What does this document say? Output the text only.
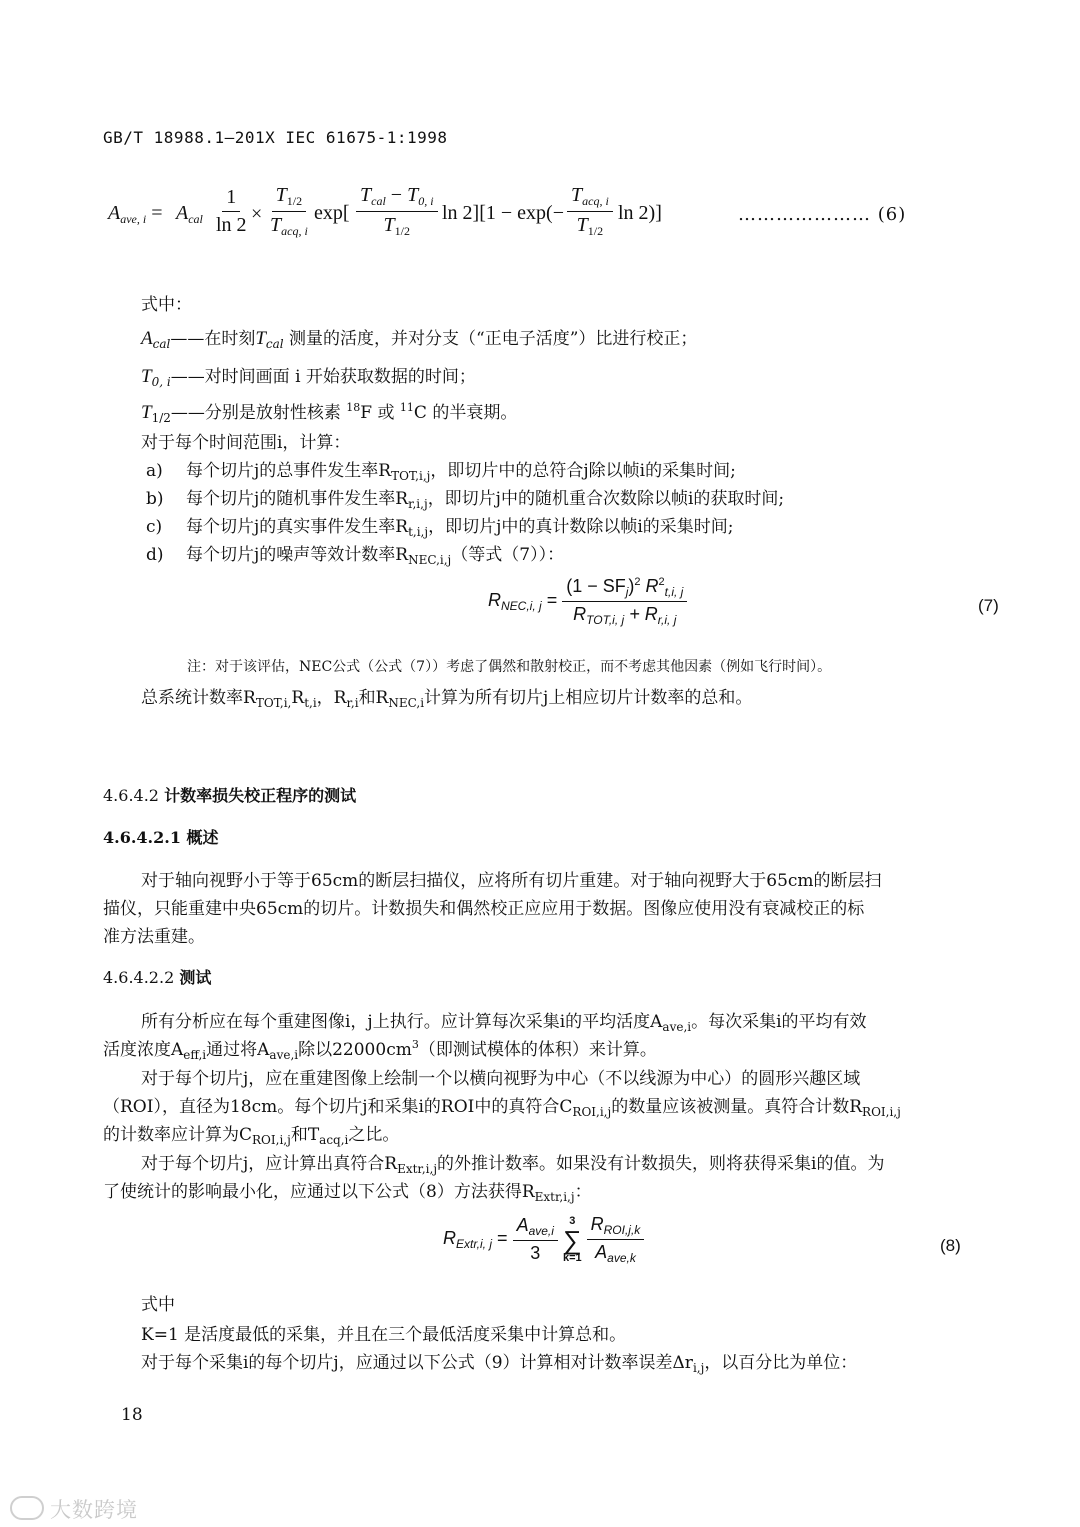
GB/T 18988.1—201X IEC 61675-1:1998
$A_{ave, i} = A_{cal} \frac{1}{\ln 2} \times \frac{T_{1/2}}{T_{acq, i}} \exp[ \frac{T_{cal} - T_{0, i}}{T_{1/2}}$ $\ln 2][1 - \exp(- \frac{T_{acq, i}}{T_{1/2}}$ ln 2)]	………………… (6)
式中：
$A_{cal}——$在时刻$T_{cal}$ 测量的活度，并对分支（“正电子活度”）比进行校正；
$T_{0, i}——$对时间画面 i 开始获取数据的时间；
$T_{1/2}——$分别是放射性核素 $^{18}$F 或 $^{11}$C 的半衰期。
对于每个时间范围i，计算：
a) 每个切片j的总事件发生率$R_{TOT,i,j}$，即切片中的总符合j除以帧i的采集时间;
b) 每个切片j的随机事件发生率$R_{r,i,j}$，即切片j中的随机重合次数除以帧i的获取时间;
c) 每个切片j的真实事件发生率$R_{t,i,j}$，即切片j中的真计数除以帧i的采集时间;
d) 每个切片j的噪声等效计数率$R_{NEC,i,j}$（等式（7））：
$R_{NEC,i, j} = \frac{(1 - SF_j)^2 R^2_{t,i, j}}{R_{TOT,i, j} + R_{r,i, j}}$	(7)
注：对于该评估，NEC公式（公式（7））考虑了偶然和散射校正，而不考虑其他因素（例如飞行时间）。
总系统计数率$R_{TOT,i,}R_{t,i}$，$R_{r,i}$和$R_{NEC,i}$计算为所有切片j上相应切片计数率的总和。
4.6.4.2 计数率损失校正程序的测试
4.6.4.2.1 概述
对于轴向视野小于等于65cm的断层扫描仪，应将所有切片重建。对于轴向视野大于65cm的断层扫
描仪，只能重建中央65cm的切片。计数损失和偶然校正应应用于数据。图像应使用没有衰减校正的标
准方法重建。
4.6.4.2.2 测试
所有分析应在每个重建图像i，j上执行。应计算每次采集i的平均活度$A_{ave,i}$。每次采集i的平均有效
活度浓度$A_{eff,i}$通过将$A_{ave,i}$除以$22000cm^3$（即测试模体的体积）来计算。
对于每个切片j，应在重建图像上绘制一个以横向视野为中心（不以线源为中心）的圆形兴趣区域
（ROI），直径为18cm。每个切片j和采集i的ROI中的真符合$C_{ROI,i,j}$的数量应该被测量。真符合计数$R_{ROI,i,j}$
的计数率应计算为$C_{ROI,i,j}$和$T_{acq,i}$之比。
对于每个切片j，应计算出真符合$R_{Extr,i,j}$的外推计数率。如果没有计数损失，则将获得采集i的值。为
了使统计的影响最小化，应通过以下公式（8）方法获得$R_{Extr,i,j}$：
$R_{Extr,i, j} = \frac{A_{ave,i}}{3}$
3
∑
k=1
$\frac{R_{ROI,j,k}}{A_{ave,k}}$	(8)
式中
K=1 是活度最低的采集，并且在三个最低活度采集中计算总和。
对于每个采集i的每个切片j，应通过以下公式（9）计算相对计数率误差$\Delta r_{i,j}$，以百分比为单位：
18
大数跨境
